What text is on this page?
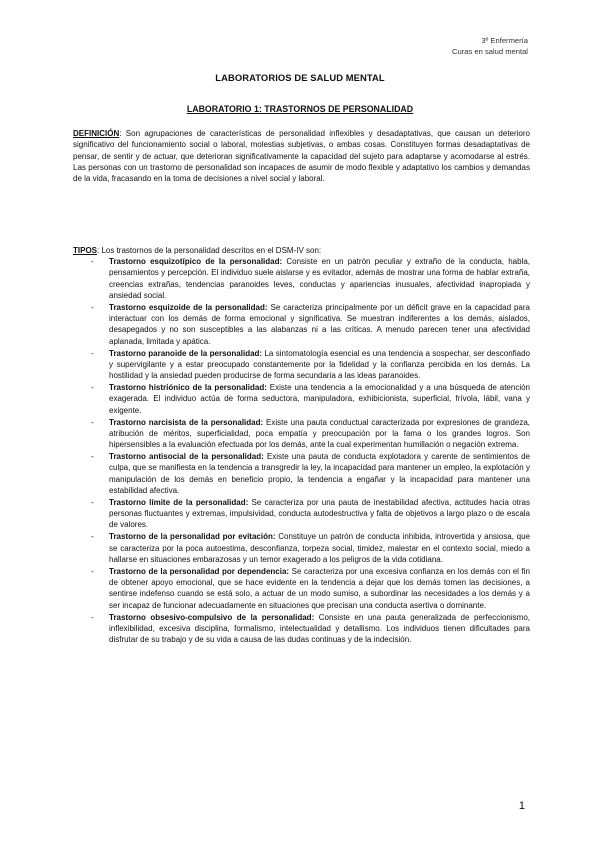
3º Enfermería
Curas en salud mental
LABORATORIOS DE SALUD MENTAL
LABORATORIO 1: TRASTORNOS DE PERSONALIDAD
DEFINICIÓN: Son agrupaciones de características de personalidad inflexibles y desadaptativas, que causan un deterioro significativo del funcionamiento social o laboral, molestias subjetivas, o ambas cosas. Constituyen formas desadaptativas de pensar, de sentir y de actuar, que deterioran significativamente la capacidad del sujeto para adaptarse y acomodarse al estrés. Las personas con un trastorno de personalidad son incapaces de asumir de modo flexible y adaptativo los cambios y demandas de la vida, fracasando en la toma de decisiones a nivel social y laboral.
TIPOS: Los trastornos de la personalidad descritos en el DSM-IV son:
- Trastorno esquizotípico de la personalidad: Consiste en un patrón peculiar y extraño de la conducta, habla, pensamientos y percepción. El individuo suele aislarse y es evitador, además de mostrar una forma de hablar extraña, creencias extrañas, tendencias paranoides leves, conductas y apariencias inusuales, afectividad inapropiada y ansiedad social.
- Trastorno esquizoide de la personalidad: Se caracteriza principalmente por un déficit grave en la capacidad para interactuar con los demás de forma emocional y significativa. Se muestran indiferentes a los demás, aislados, desapegados y no son susceptibles a las alabanzas ni a las críticas. A menudo parecen tener una afectividad aplanada, limitada y apática.
- Trastorno paranoide de la personalidad: La sintomatología esencial es una tendencia a sospechar, ser desconfiado y supervigilante y a estar preocupado constantemente por la fidelidad y la confianza percibida en los demás. La hostilidad y la ansiedad pueden producirse de forma secundaria a las ideas paranoides.
- Trastorno histriónico de la personalidad: Existe una tendencia a la emocionalidad y a una búsqueda de atención exagerada. El individuo actúa de forma seductora, manipuladora, exhibicionista, superficial, frívola, lábil, vana y exigente.
- Trastorno narcisista de la personalidad: Existe una pauta conductual caracterizada por expresiones de grandeza, atribución de méritos, superficialidad, poca empatía y preocupación por la fama o los grandes logros. Son hipersensibles a la evaluación efectuada por los demás, ante la cual experimentan humillación o negación extrema.
- Trastorno antisocial de la personalidad: Existe una pauta de conducta explotadora y carente de sentimientos de culpa, que se manifiesta en la tendencia a transgredir la ley, la incapacidad para mantener un empleo, la explotación y manipulación de los demás en beneficio propio, la tendencia a engañar y la incapacidad para mantener una estabilidad afectiva.
- Trastorno límite de la personalidad: Se caracteriza por una pauta de inestabilidad afectiva, actitudes hacia otras personas fluctuantes y extremas, impulsividad, conducta autodestructiva y falta de objetivos a largo plazo o de escala de valores.
- Trastorno de la personalidad por evitación: Constituye un patrón de conducta inhibida, introvertida y ansiosa, que se caracteriza por la poca autoestima, desconfianza, torpeza social, timidez, malestar en el contexto social, miedo a hallarse en situaciones embarazosas y un temor exagerado a los peligros de la vida cotidiana.
- Trastorno de la personalidad por dependencia: Se caracteriza por una excesiva confianza en los demás con el fin de obtener apoyo emocional, que se hace evidente en la tendencia a dejar que los demás tomen las decisiones, a sentirse indefenso cuando se está solo, a actuar de un modo sumiso, a subordinar las necesidades a los demás y a ser incapaz de funcionar adecuadamente en situaciones que precisan una conducta asertiva o dominante.
- Trastorno obsesivo-compulsivo de la personalidad: Consiste en una pauta generalizada de perfeccionismo, inflexibilidad, excesiva disciplina, formalismo, intelectualidad y detallismo. Los individuos tienen dificultades para disfrutar de su trabajo y de su vida a causa de las dudas continuas y de la indecisión.
1
